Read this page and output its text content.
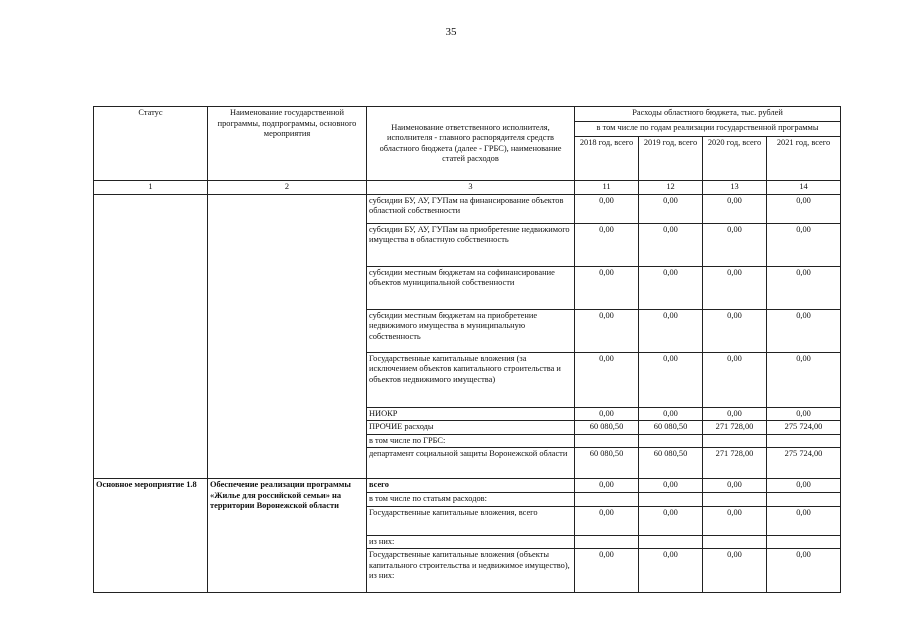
35
Статус	Наименование государственной программы, подпрограммы, основного мероприятия	Наименование ответственного исполнителя, исполнителя - главного распорядителя средств областного бюджета (далее - ГРБС), наименование статей расходов	Расходы областного бюджета, тыс. рублей			
			в том числе по годам реализации государственной программы			
			2018 год, всего	2019 год, всего	2020 год, всего	2021 год, всего
1	2	3	11	12	13	14
		субсидии БУ, АУ, ГУПам на финансирование объектов областной собственности	0,00	0,00	0,00	0,00
		субсидии БУ, АУ, ГУПам на приобретение недвижимого имущества в областную собственность	0,00	0,00	0,00	0,00
		субсидии местным бюджетам на софинансирование объектов муниципальной собственности	0,00	0,00	0,00	0,00
		субсидии местным бюджетам на приобретение недвижимого имущества в муниципальную собственность	0,00	0,00	0,00	0,00
		Государственные капитальные вложения (за исключением объектов капитального строительства и объектов недвижимого имущества)	0,00	0,00	0,00	0,00
		НИОКР	0,00	0,00	0,00	0,00
		ПРОЧИЕ расходы	60 080,50	60 080,50	271 728,00	275 724,00
		в том числе по ГРБС:				
		департамент социальной защиты Воронежской области	60 080,50	60 080,50	271 728,00	275 724,00
Основное мероприятие 1.8	Обеспечение реализации программы «Жилье для российской семьи» на территории Воронежской области	всего	0,00	0,00	0,00	0,00
		в том числе по статьям расходов:				
		Государственные капитальные вложения, всего	0,00	0,00	0,00	0,00
		из них:				
		Государственные капитальные вложения (объекты капитального строительства и недвижимое имущество), из них:	0,00	0,00	0,00	0,00
